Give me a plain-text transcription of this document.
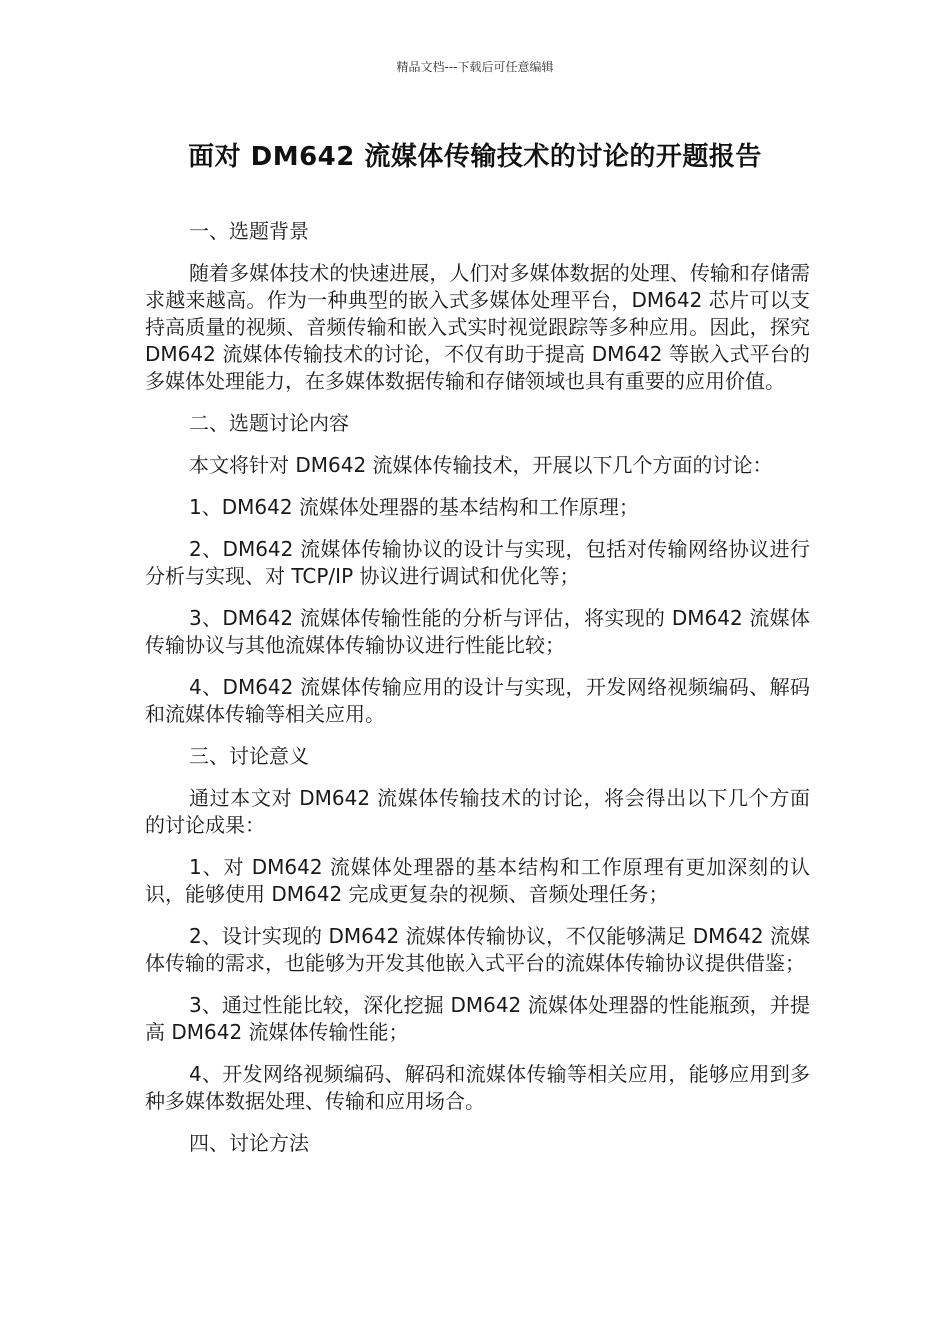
精品文档---下载后可任意编辑
面对 DM642 流媒体传输技术的讨论的开题报告

一、选题背景

随着多媒体技术的快速进展，人们对多媒体数据的处理、传输和存储需求越来越高。作为一种典型的嵌入式多媒体处理平台，DM642 芯片可以支持高质量的视频、音频传输和嵌入式实时视觉跟踪等多种应用。因此，探究 DM642 流媒体传输技术的讨论，不仅有助于提高 DM642 等嵌入式平台的多媒体处理能力，在多媒体数据传输和存储领域也具有重要的应用价值。

二、选题讨论内容

本文将针对 DM642 流媒体传输技术，开展以下几个方面的讨论：

1、DM642 流媒体处理器的基本结构和工作原理；

2、DM642 流媒体传输协议的设计与实现，包括对传输网络协议进行分析与实现、对 TCP/IP 协议进行调试和优化等；

3、DM642 流媒体传输性能的分析与评估，将实现的 DM642 流媒体传输协议与其他流媒体传输协议进行性能比较；

4、DM642 流媒体传输应用的设计与实现，开发网络视频编码、解码和流媒体传输等相关应用。

三、讨论意义

通过本文对 DM642 流媒体传输技术的讨论，将会得出以下几个方面的讨论成果：

1、对 DM642 流媒体处理器的基本结构和工作原理有更加深刻的认识，能够使用 DM642 完成更复杂的视频、音频处理任务；

2、设计实现的 DM642 流媒体传输协议，不仅能够满足 DM642 流媒体传输的需求，也能够为开发其他嵌入式平台的流媒体传输协议提供借鉴；

3、通过性能比较，深化挖掘 DM642 流媒体处理器的性能瓶颈，并提高 DM642 流媒体传输性能；

4、开发网络视频编码、解码和流媒体传输等相关应用，能够应用到多种多媒体数据处理、传输和应用场合。

四、讨论方法
